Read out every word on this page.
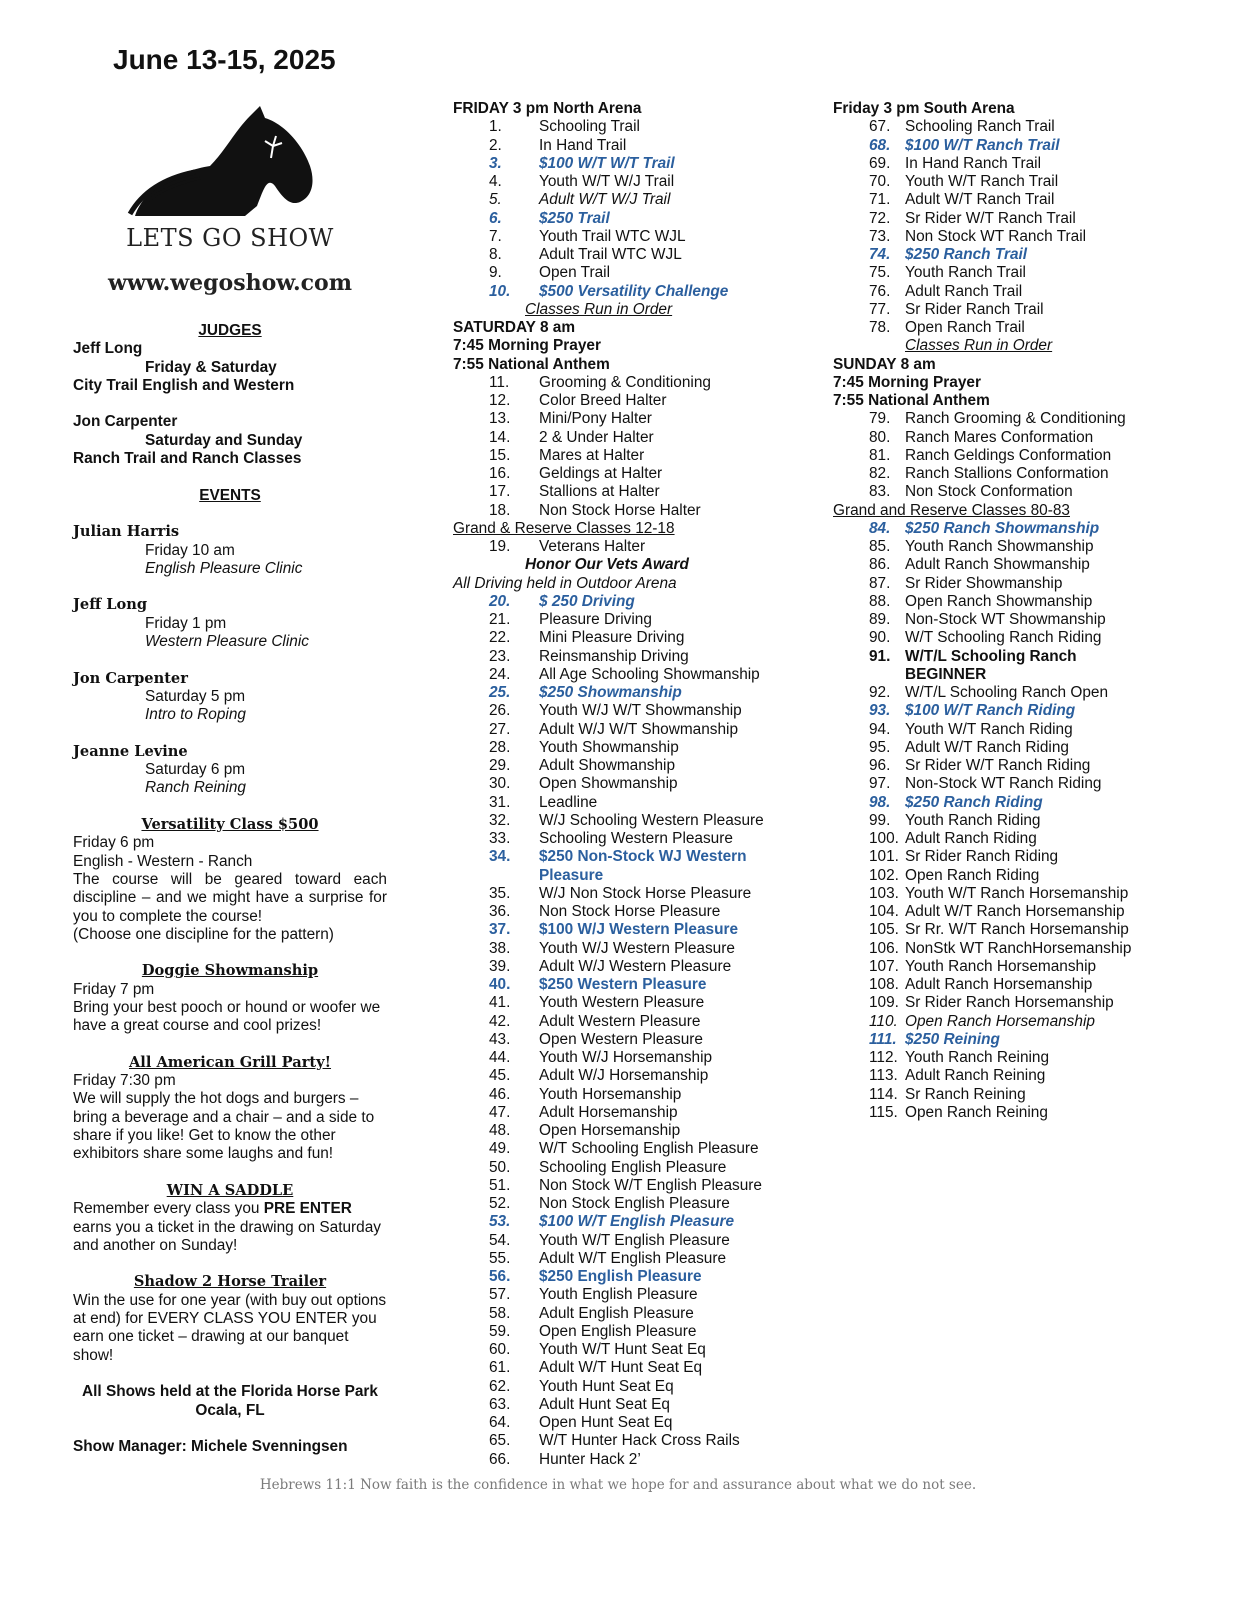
June 13-15, 2025
LETS GO SHOW
www.wegoshow.com
JUDGES
Jeff Long
Friday & Saturday
City Trail English and Western
Jon Carpenter
Saturday and Sunday
Ranch Trail and Ranch Classes
EVENTS
Julian Harris
Friday 10 am
English Pleasure Clinic
Jeff Long
Friday 1 pm
Western Pleasure Clinic
Jon Carpenter
Saturday 5 pm
Intro to Roping
Jeanne Levine
Saturday 6 pm
Ranch Reining
Versatility Class $500
Friday 6 pm
English - Western - Ranch
The course will be geared toward each discipline – and we might have a surprise for you to complete the course!
(Choose one discipline for the pattern)
Doggie Showmanship
Friday 7 pm
Bring your best pooch or hound or woofer we have a great course and cool prizes!
All American Grill Party!
Friday 7:30 pm
We will supply the hot dogs and burgers – bring a beverage and a chair – and a side to share if you like! Get to know the other exhibitors share some laughs and fun!
WIN A SADDLE
Remember every class you PRE ENTER earns you a ticket in the drawing on Saturday and another on Sunday!
Shadow 2 Horse Trailer
Win the use for one year (with buy out options at end) for EVERY CLASS YOU ENTER you earn one ticket – drawing at our banquet show!
All Shows held at the Florida Horse Park
Ocala, FL
Show Manager: Michele Svenningsen
FRIDAY 3 pm North Arena
1.	Schooling Trail
2.	In Hand Trail
3.	$100 W/T W/T Trail
4.	Youth W/T W/J Trail
5.	Adult W/T W/J Trail
6.	$250 Trail
7.	Youth Trail WTC WJL
8.	Adult Trail WTC WJL
9.	Open Trail
10.	$500 Versatility Challenge
Classes Run in Order
SATURDAY 8 am
7:45 Morning Prayer
7:55 National Anthem
11.	Grooming & Conditioning
12.	Color Breed Halter
13.	Mini/Pony Halter
14.	2 & Under Halter
15.	Mares at Halter
16.	Geldings at Halter
17.	Stallions at Halter
18.	Non Stock Horse Halter
Grand & Reserve Classes 12-18
19.	Veterans Halter
Honor Our Vets Award
All Driving held in Outdoor Arena
20.	$ 250 Driving
21.	Pleasure Driving
22.	Mini Pleasure Driving
23.	Reinsmanship Driving
24.	All Age Schooling Showmanship
25.	$250 Showmanship
26.	Youth W/J W/T Showmanship
27.	Adult W/J W/T Showmanship
28.	Youth Showmanship
29.	Adult Showmanship
30.	Open Showmanship
31.	Leadline
32.	W/J Schooling Western Pleasure
33.	Schooling Western Pleasure
34.	$250 Non-Stock WJ Western Pleasure
35.	W/J Non Stock Horse Pleasure
36.	Non Stock Horse Pleasure
37.	$100 W/J Western Pleasure
38.	Youth W/J Western Pleasure
39.	Adult W/J Western Pleasure
40.	$250 Western Pleasure
41.	Youth Western Pleasure
42.	Adult Western Pleasure
43.	Open Western Pleasure
44.	Youth W/J Horsemanship
45.	Adult W/J Horsemanship
46.	Youth Horsemanship
47.	Adult Horsemanship
48.	Open Horsemanship
49.	W/T Schooling English Pleasure
50.	Schooling English Pleasure
51.	Non Stock W/T English Pleasure
52.	Non Stock English Pleasure
53.	$100 W/T English Pleasure
54.	Youth W/T English Pleasure
55.	Adult W/T English Pleasure
56.	$250 English Pleasure
57.	Youth English Pleasure
58.	Adult English Pleasure
59.	Open English Pleasure
60.	Youth W/T Hunt Seat Eq
61.	Adult W/T Hunt Seat Eq
62.	Youth Hunt Seat Eq
63.	Adult Hunt Seat Eq
64.	Open Hunt Seat Eq
65.	W/T Hunter Hack Cross Rails
66.	Hunter Hack 2’
Friday 3 pm South Arena
67. Schooling Ranch Trail
68. $100 W/T Ranch Trail
69. In Hand Ranch Trail
70. Youth W/T Ranch Trail
71. Adult W/T Ranch Trail
72. Sr Rider W/T Ranch Trail
73. Non Stock WT Ranch Trail
74. $250 Ranch Trail
75. Youth Ranch Trail
76. Adult Ranch Trail
77. Sr Rider Ranch Trail
78. Open Ranch Trail
Classes Run in Order
SUNDAY 8 am
7:45 Morning Prayer
7:55 National Anthem
79. Ranch Grooming & Conditioning
80. Ranch Mares Conformation
81. Ranch Geldings Conformation
82. Ranch Stallions Conformation
83. Non Stock Conformation
Grand and Reserve Classes 80-83
84. $250 Ranch Showmanship
85. Youth Ranch Showmanship
86. Adult Ranch Showmanship
87. Sr Rider Showmanship
88. Open Ranch Showmanship
89. Non-Stock WT Showmanship
90. W/T Schooling Ranch Riding
91. W/T/L Schooling Ranch BEGINNER
92. W/T/L Schooling Ranch Open
93. $100 W/T Ranch Riding
94. Youth W/T Ranch Riding
95. Adult W/T Ranch Riding
96. Sr Rider W/T Ranch Riding
97. Non-Stock WT Ranch Riding
98. $250 Ranch Riding
99. Youth Ranch Riding
100. Adult Ranch Riding
101. Sr Rider Ranch Riding
102. Open Ranch Riding
103. Youth W/T Ranch Horsemanship
104. Adult W/T Ranch Horsemanship
105. Sr Rr. W/T Ranch Horsemanship
106. NonStk WT RanchHorsemanship
107. Youth Ranch Horsemanship
108. Adult Ranch Horsemanship
109. Sr Rider Ranch Horsemanship
110. Open Ranch Horsemanship
111. $250 Reining
112. Youth Ranch Reining
113. Adult Ranch Reining
114. Sr Ranch Reining
115. Open Ranch Reining
Hebrews 11:1 Now faith is the confidence in what we hope for and assurance about what we do not see.
